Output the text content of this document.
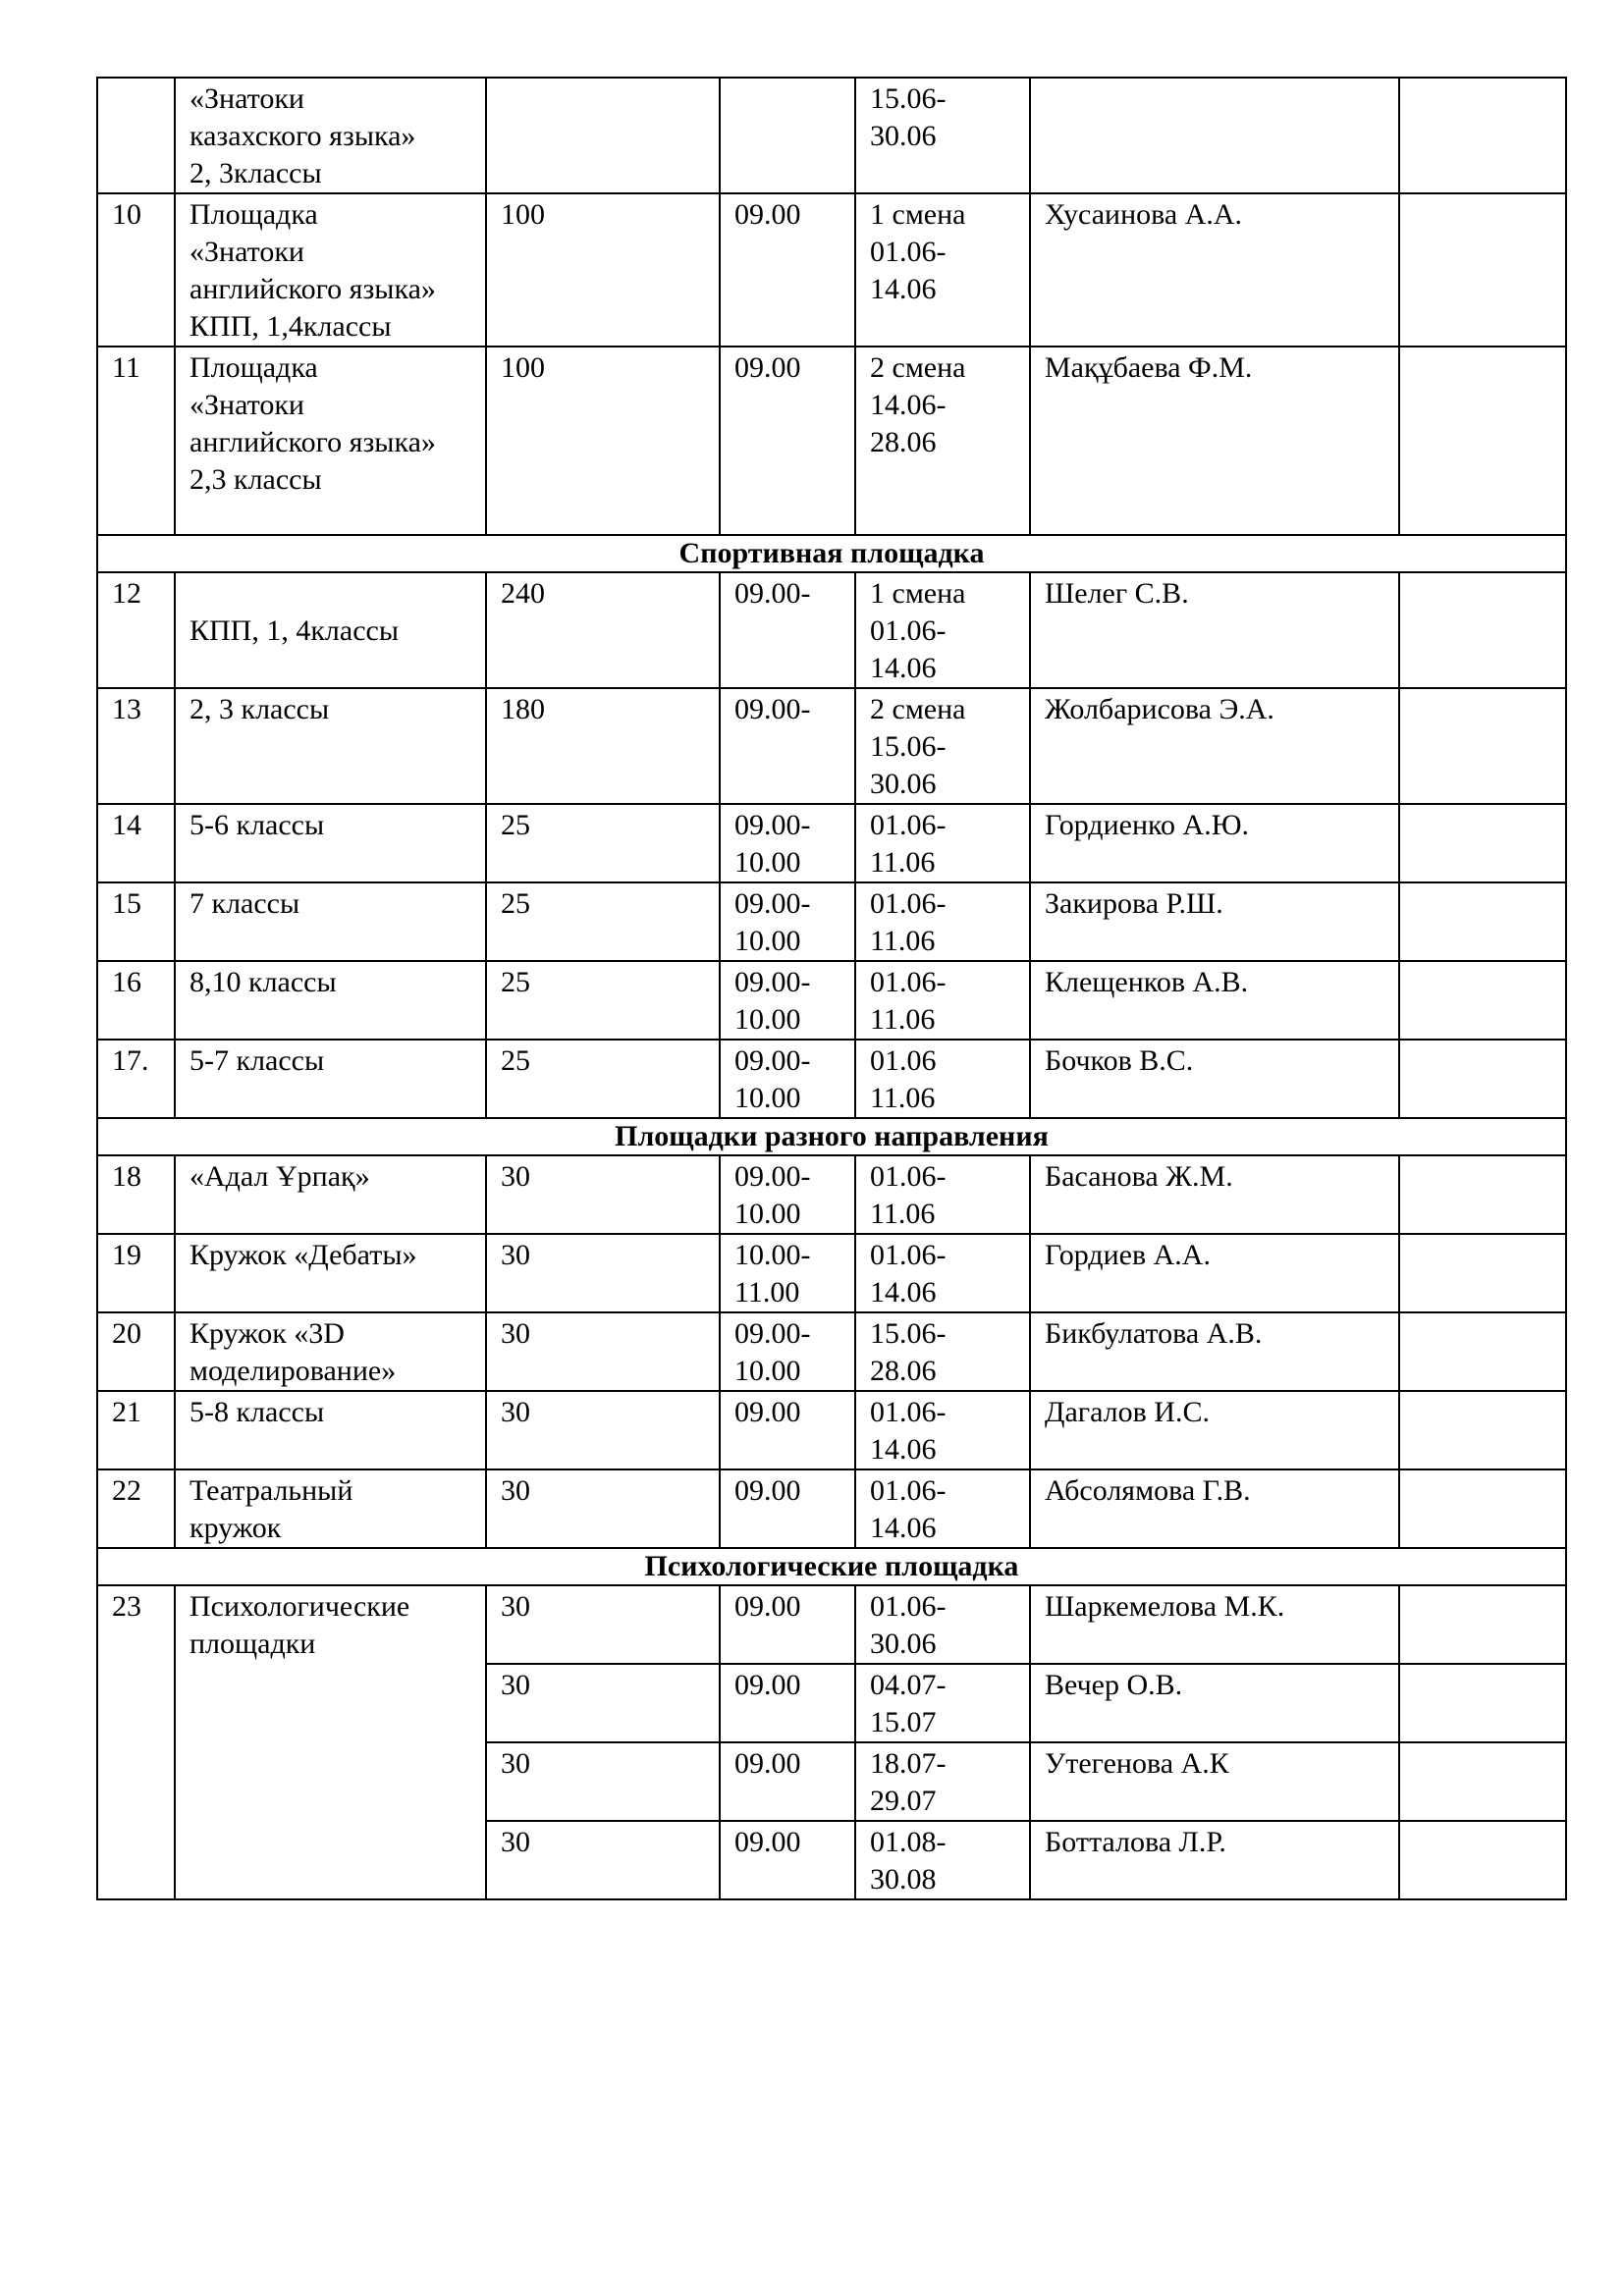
	«Знатоки
казахского языка»
2, 3классы			15.06-
30.06		
10	Площадка
«Знатоки
английского языка»
КПП, 1,4классы	100	09.00	1 смена
01.06-
14.06	Хусаинова А.А.	
11	Площадка
«Знатоки
английского языка»
2,3 классы	100	09.00	2 смена
14.06-
28.06	Мақұбаева Ф.М.	
Спортивная площадка						
12	
КПП, 1, 4классы	240	09.00-	1 смена
01.06-
14.06	Шелег С.В.	
13	2, 3 классы	180	09.00-	2 смена
15.06-
30.06	Жолбарисова Э.А.	
14	5-6 классы	25	09.00-
10.00	01.06-
11.06	Гордиенко А.Ю.	
15	7 классы	25	09.00-
10.00	01.06-
11.06	Закирова Р.Ш.	
16	8,10 классы	25	09.00-
10.00	01.06-
11.06	Клещенков А.В.	
17.	5-7 классы	25	09.00-
10.00	01.06
11.06	Бочков В.С.	
Площадки разного направления						
18	«Адал Ұрпақ»	30	09.00-
10.00	01.06-
11.06	Басанова Ж.М.	
19	Кружок «Дебаты»	30	10.00-
11.00	01.06-
14.06	Гордиев А.А.	
20	Кружок «3D
моделирование»	30	09.00-
10.00	15.06-
28.06	Бикбулатова А.В.	
21	5-8 классы	30	09.00	01.06-
14.06	Дагалов И.С.	
22	Театральный
кружок	30	09.00	01.06-
14.06	Абсолямова Г.В.	
Психологические площадка						
23	Психологические
площадки	30	09.00	01.06-
30.06	Шаркемелова М.К.	
		30	09.00	04.07-
15.07	Вечер О.В.	
		30	09.00	18.07-
29.07	Утегенова А.К	
		30	09.00	01.08-
30.08	Ботталова Л.Р.	
